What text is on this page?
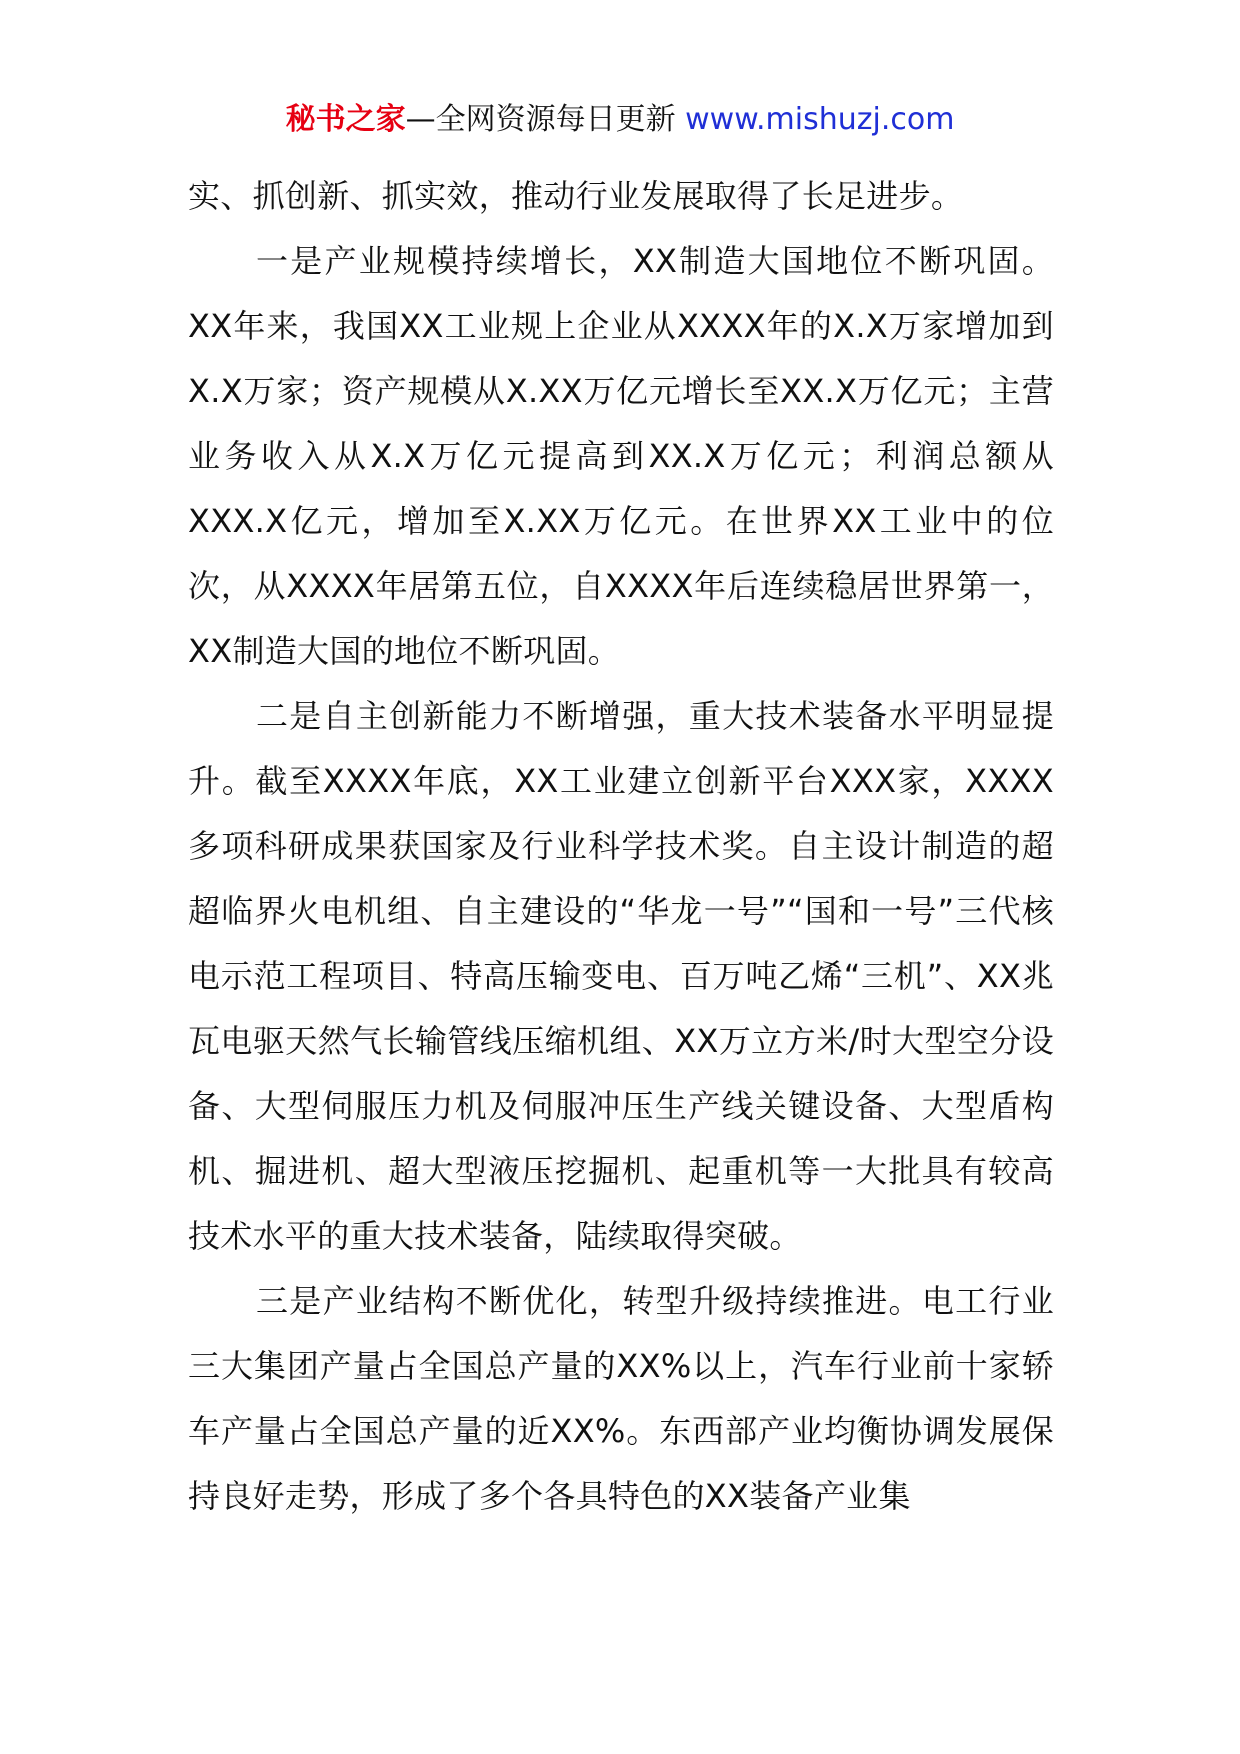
秘书之家—全网资源每日更新 www.mishuzj.com

实、抓创新、抓实效，推动行业发展取得了长足进步。

一是产业规模持续增长，XX制造大国地位不断巩固。XX年来，我国XX工业规上企业从XXXX年的X.X万家增加到X.X万家；资产规模从X.XX万亿元增长至XX.X万亿元；主营业务收入从X.X万亿元提高到XX.X万亿元；利润总额从XXX.X亿元，增加至X.XX万亿元。在世界XX工业中的位次，从XXXX年居第五位，自XXXX年后连续稳居世界第一，XX制造大国的地位不断巩固。

二是自主创新能力不断增强，重大技术装备水平明显提升。截至XXXX年底，XX工业建立创新平台XXX家，XXXX多项科研成果获国家及行业科学技术奖。自主设计制造的超超临界火电机组、自主建设的“华龙一号”“国和一号”三代核电示范工程项目、特高压输变电、百万吨乙烯“三机”、XX兆瓦电驱天然气长输管线压缩机组、XX万立方米/时大型空分设备、大型伺服压力机及伺服冲压生产线关键设备、大型盾构机、掘进机、超大型液压挖掘机、起重机等一大批具有较高技术水平的重大技术装备，陆续取得突破。

三是产业结构不断优化，转型升级持续推进。电工行业三大集团产量占全国总产量的XX%以上，汽车行业前十家轿车产量占全国总产量的近XX%。东西部产业均衡协调发展保持良好走势，形成了多个各具特色的XX装备产业集
